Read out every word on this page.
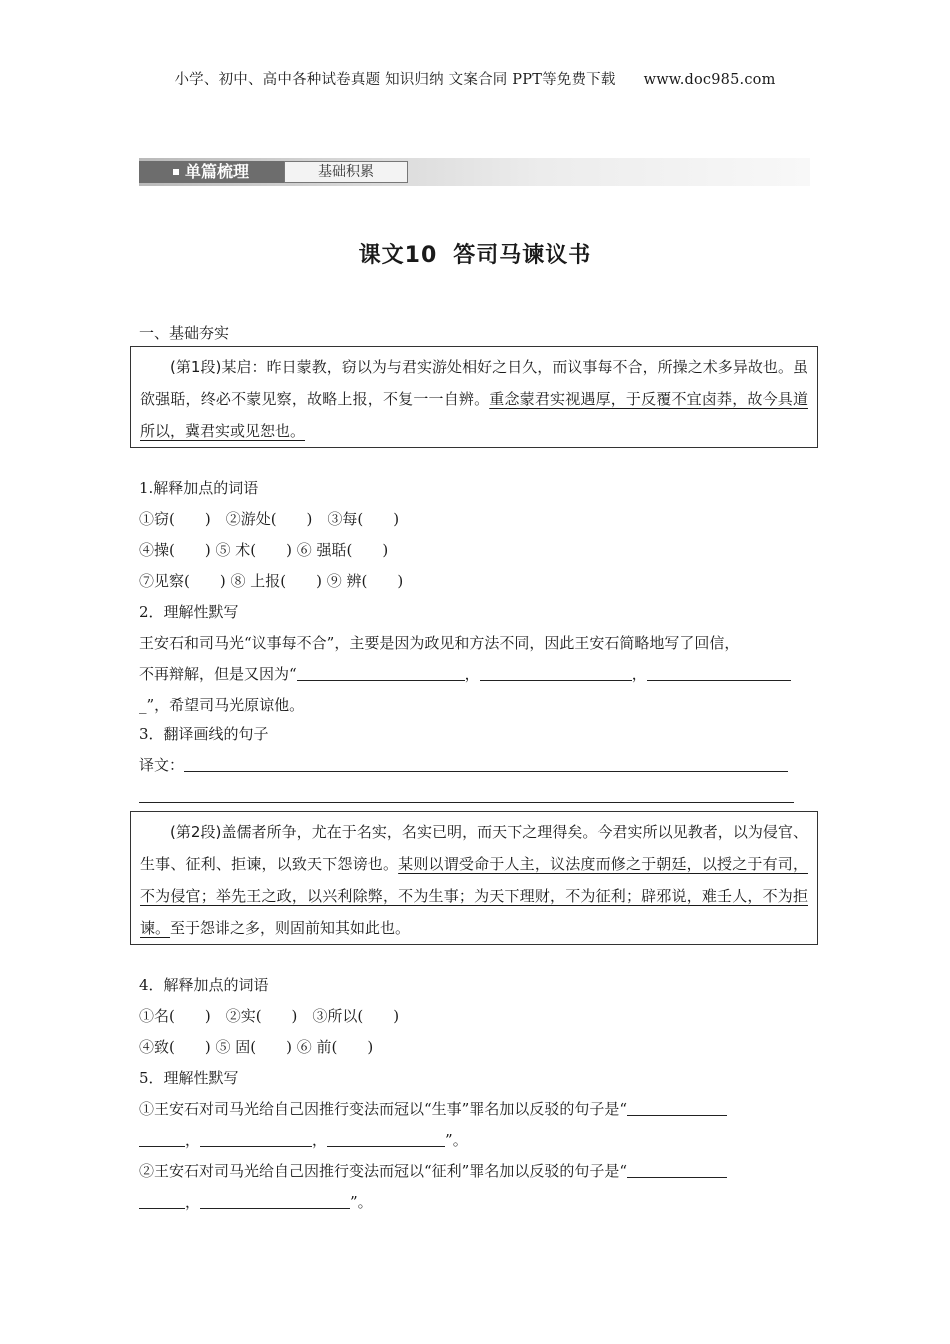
小学、初中、高中各种试卷真题 知识归纳 文案合同 PPT等免费下载 www.doc985.com
单篇梳理	基础积累
课文10 答司马谏议书
一、基础夯实
(第1段)某启：昨日蒙教，窃以为与君实游处相好之日久，而议事每不合，所操之术多异故也。虽欲强聒，终必不蒙见察，故略上报，不复一一自辨。重念蒙君实视遇厚，于反覆不宜卤莽，故今具道所以，冀君实或见恕也。
1.解释加点的词语
①窃(　　)　②游处(　　)　③每(　　)
④操(　　) ⑤ 术(　　) ⑥ 强聒(　　)
⑦见察(　　) ⑧ 上报(　　) ⑨ 辨(　　)
2．理解性默写
王安石和司马光“议事每不合”，主要是因为政见和方法不同，因此王安石简略地写了回信，
不再辩解，但是又因为“	，	，
_”，希望司马光原谅他。
3．翻译画线的句子
译文：
(第2段)盖儒者所争，尤在于名实，名实已明，而天下之理得矣。今君实所以见教者，以为侵官、生事、征利、拒谏，以致天下怨谤也。某则以谓受命于人主，议法度而修之于朝廷，以授之于有司，不为侵官；举先王之政，以兴利除弊，不为生事；为天下理财，不为征利；辟邪说，难壬人，不为拒谏。至于怨诽之多，则固前知其如此也。
4．解释加点的词语
①名(　　)　②实(　　)　③所以(　　)
④致(　　) ⑤ 固(　　) ⑥ 前(　　)
5．理解性默写
①王安石对司马光给自己因推行变法而冠以“生事”罪名加以反驳的句子是“
，	，	”。
②王安石对司马光给自己因推行变法而冠以“征利”罪名加以反驳的句子是“
，	”。
